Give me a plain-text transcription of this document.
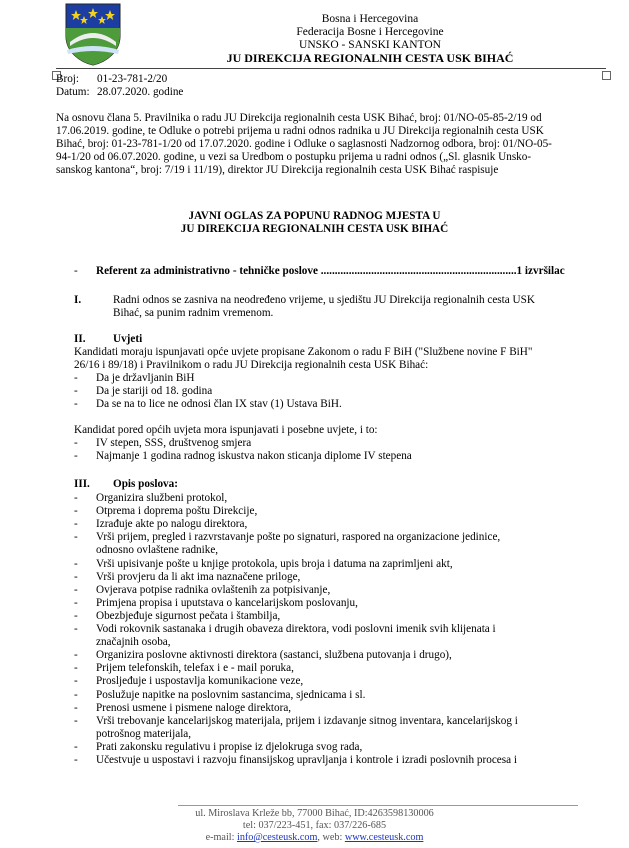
Bosna i Hercegovina
Federacija Bosne i Hercegovine
UNSKO - SANSKI KANTON
JU DIREKCIJA REGIONALNIH CESTA USK BIHAĆ
Broj: 01-23-781-2/20
Datum: 28.07.2020. godine
Na osnovu člana 5. Pravilnika o radu JU Direkcija regionalnih cesta USK Bihać, broj: 01/NO-05-85-2/19 od
17.06.2019. godine, te Odluke o potrebi prijema u radni odnos radnika u JU Direkcija regionalnih cesta USK
Bihać, broj: 01-23-781-1/20 od 17.07.2020. godine i Odluke o saglasnosti Nadzornog odbora, broj: 01/NO-05-
94-1/20 od 06.07.2020. godine, u vezi sa Uredbom o postupku prijema u radni odnos („Sl. glasnik Unsko-
sanskog kantona“, broj: 7/19 i 11/19), direktor JU Direkcija regionalnih cesta USK Bihać raspisuje
JAVNI OGLAS ZA POPUNU RADNOG MJESTA U
JU DIREKCIJA REGIONALNIH CESTA USK BIHAĆ
- Referent za administrativno - tehničke poslove ......................................................................1 izvršilac
I.	Radni odnos se zasniva na neodređeno vrijeme, u sjedištu JU Direkcija regionalnih cesta USK
Bihać, sa punim radnim vremenom.
II. Uvjeti
Kandidati moraju ispunjavati opće uvjete propisane Zakonom o radu F BiH ("Službene novine F BiH"
26/16 i 89/18) i Pravilnikom o radu JU Direkcija regionalnih cesta USK Bihać:
- Da je državljanin BiH
- Da je stariji od 18. godina
- Da se na to lice ne odnosi član IX stav (1) Ustava BiH.
Kandidat pored općih uvjeta mora ispunjavati i posebne uvjete, i to:
- IV stepen, SSS, društvenog smjera
- Najmanje 1 godina radnog iskustva nakon sticanja diplome IV stepena
III. Opis poslova:
- Organizira službeni protokol,
- Otprema i doprema poštu Direkcije,
- Izrađuje akte po nalogu direktora,
- Vrši prijem, pregled i razvrstavanje pošte po signaturi, raspored na organizacione jedinice,
odnosno ovlaštene radnike,
- Vrši upisivanje pošte u knjige protokola, upis broja i datuma na zaprimljeni akt,
- Vrši provjeru da li akt ima naznačene priloge,
- Ovjerava potpise radnika ovlaštenih za potpisivanje,
- Primjena propisa i uputstava o kancelarijskom poslovanju,
- Obezbjeđuje sigurnost pečata i štambilja,
- Vodi rokovnik sastanaka i drugih obaveza direktora, vodi poslovni imenik svih klijenata i
značajnih osoba,
- Organizira poslovne aktivnosti direktora (sastanci, službena putovanja i drugo),
- Prijem telefonskih, telefax i e - mail poruka,
- Prosljeđuje i uspostavlja komunikacione veze,
- Poslužuje napitke na poslovnim sastancima, sjednicama i sl.
- Prenosi usmene i pismene naloge direktora,
- Vrši trebovanje kancelarijskog materijala, prijem i izdavanje sitnog inventara, kancelarijskog i
potrošnog materijala,
- Prati zakonsku regulativu i propise iz djelokruga svog rada,
- Učestvuje u uspostavi i razvoju finansijskog upravljanja i kontrole i izradi poslovnih procesa i
ul. Miroslava Krleže bb, 77000 Bihać, ID:4263598130006
tel: 037/223-451, fax: 037/226-685
e-mail: info@cesteusk.com, web: www.cesteusk.com
